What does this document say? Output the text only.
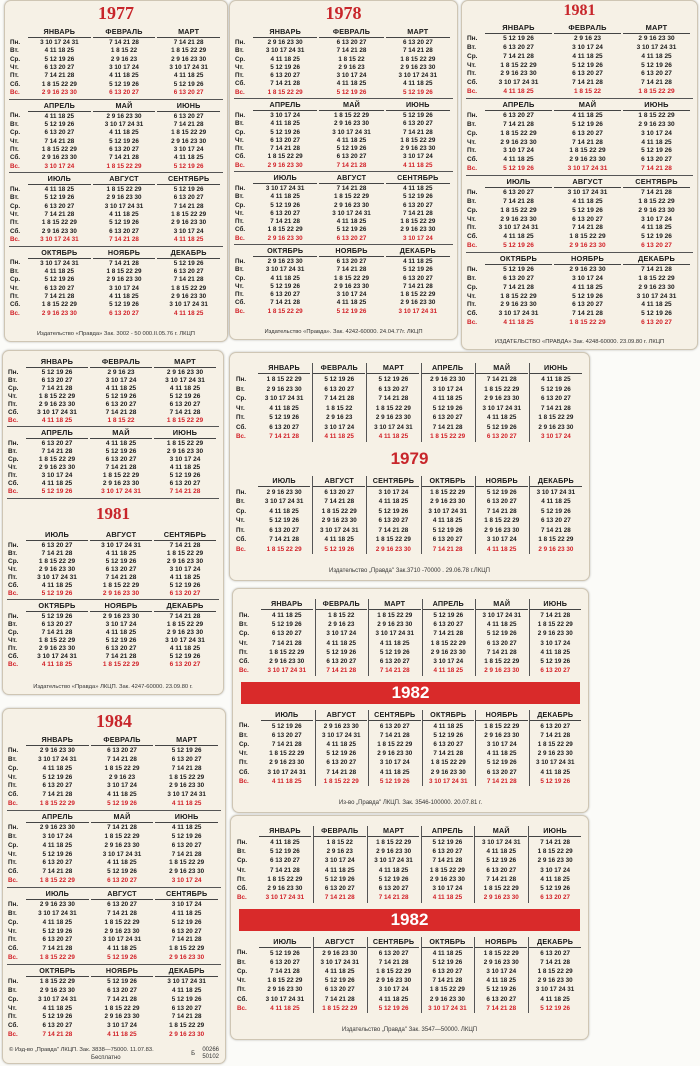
1977
Пн.
Вт.
Ср.
Чт.
Пт.
Сб.
Вс.
ЯНВАРЬ
3 10 17 24 31
4 11 18 25
5 12 19 26
6 13 20 27
7 14 21 28
1 8 15 22 29
2 9 16 23 30
ФЕВРАЛЬ
7 14 21 28
1 8 15 22
2 9 16 23
3 10 17 24
4 11 18 25
5 12 19 26
6 13 20 27
МАРТ
7 14 21 28
1 8 15 22 29
2 9 16 23 30
3 10 17 24 31
4 11 18 25
5 12 19 26
6 13 20 27
Пн.
Вт.
Ср.
Чт.
Пт.
Сб.
Вс.
АПРЕЛЬ
4 11 18 25
5 12 19 26
6 13 20 27
7 14 21 28
1 8 15 22 29
2 9 16 23 30
3 10 17 24
МАЙ
2 9 16 23 30
3 10 17 24 31
4 11 18 25
5 12 19 26
6 13 20 27
7 14 21 28
1 8 15 22 29
ИЮНЬ
6 13 20 27
7 14 21 28
1 8 15 22 29
2 9 16 23 30
3 10 17 24
4 11 18 25
5 12 19 26
Пн.
Вт.
Ср.
Чт.
Пт.
Сб.
Вс.
ИЮЛЬ
4 11 18 25
5 12 19 26
6 13 20 27
7 14 21 28
1 8 15 22 29
2 9 16 23 30
3 10 17 24 31
АВГУСТ
1 8 15 22 29
2 9 16 23 30
3 10 17 24 31
4 11 18 25
5 12 19 26
6 13 20 27
7 14 21 28
СЕНТЯБРЬ
5 12 19 26
6 13 20 27
7 14 21 28
1 8 15 22 29
2 9 16 23 30
3 10 17 24
4 11 18 25
Пн.
Вт.
Ср.
Чт.
Пт.
Сб.
Вс.
ОКТЯБРЬ
3 10 17 24 31
4 11 18 25
5 12 19 26
6 13 20 27
7 14 21 28
1 8 15 22 29
2 9 16 23 30
НОЯБРЬ
7 14 21 28
1 8 15 22 29
2 9 16 23 30
3 10 17 24
4 11 18 25
5 12 19 26
6 13 20 27
ДЕКАБРЬ
5 12 19 26
6 13 20 27
7 14 21 28
1 8 15 22 29
2 9 16 23 30
3 10 17 24 31
4 11 18 25
Издательство «Правда» Зак. 3002 - 50 000.II.05.76 г. ЛКЦП
1978
Пн.
Вт.
Ср.
Чт.
Пт.
Сб.
Вс.
ЯНВАРЬ
2 9 16 23 30
3 10 17 24 31
4 11 18 25
5 12 19 26
6 13 20 27
7 14 21 28
1 8 15 22 29
ФЕВРАЛЬ
6 13 20 27
7 14 21 28
1 8 15 22
2 9 16 23
3 10 17 24
4 11 18 25
5 12 19 26
МАРТ
6 13 20 27
7 14 21 28
1 8 15 22 29
2 9 16 23 30
3 10 17 24 31
4 11 18 25
5 12 19 26
Пн.
Вт.
Ср.
Чт.
Пт.
Сб.
Вс.
АПРЕЛЬ
3 10 17 24
4 11 18 25
5 12 19 26
6 13 20 27
7 14 21 28
1 8 15 22 29
2 9 16 23 30
МАЙ
1 8 15 22 29
2 9 16 23 30
3 10 17 24 31
4 11 18 25
5 12 19 26
6 13 20 27
7 14 21 28
ИЮНЬ
5 12 19 26
6 13 20 27
7 14 21 28
1 8 15 22 29
2 9 16 23 30
3 10 17 24
4 11 18 25
Пн.
Вт.
Ср.
Чт.
Пт.
Сб.
Вс.
ИЮЛЬ
3 10 17 24 31
4 11 18 25
5 12 19 26
6 13 20 27
7 14 21 28
1 8 15 22 29
2 9 16 23 30
АВГУСТ
7 14 21 28
1 8 15 22 29
2 9 16 23 30
3 10 17 24 31
4 11 18 25
5 12 19 26
6 13 20 27
СЕНТЯБРЬ
4 11 18 25
5 12 19 26
6 13 20 27
7 14 21 28
1 8 15 22 29
2 9 16 23 30
3 10 17 24
Пн.
Вт.
Ср.
Чт.
Пт.
Сб.
Вс.
ОКТЯБРЬ
2 9 16 23 30
3 10 17 24 31
4 11 18 25
5 12 19 26
6 13 20 27
7 14 21 28
1 8 15 22 29
НОЯБРЬ
6 13 20 27
7 14 21 28
1 8 15 22 29
2 9 16 23 30
3 10 17 24
4 11 18 25
5 12 19 26
ДЕКАБРЬ
4 11 18 25
5 12 19 26
6 13 20 27
7 14 21 28
1 8 15 22 29
2 9 16 23 30
3 10 17 24 31
Издательство «Правда». Зак. 4242-60000. 24.04.77г. ЛКЦП
1981
Пн.
Вт.
Ср.
Чт.
Пт.
Сб.
Вс.
ЯНВАРЬ
5 12 19 26
6 13 20 27
7 14 21 28
1 8 15 22 29
2 9 16 23 30
3 10 17 24 31
4 11 18 25
ФЕВРАЛЬ
2 9 16 23
3 10 17 24
4 11 18 25
5 12 19 26
6 13 20 27
7 14 21 28
1 8 15 22
МАРТ
2 9 16 23 30
3 10 17 24 31
4 11 18 25
5 12 19 26
6 13 20 27
7 14 21 28
1 8 15 22 29
Пн.
Вт.
Ср.
Чт.
Пт.
Сб.
Вс.
АПРЕЛЬ
6 13 20 27
7 14 21 28
1 8 15 22 29
2 9 16 23 30
3 10 17 24
4 11 18 25
5 12 19 26
МАЙ
4 11 18 25
5 12 19 26
6 13 20 27
7 14 21 28
1 8 15 22 29
2 9 16 23 30
3 10 17 24 31
ИЮНЬ
1 8 15 22 29
2 9 16 23 30
3 10 17 24
4 11 18 25
5 12 19 26
6 13 20 27
7 14 21 28
Пн.
Вт.
Ср.
Чт.
Пт.
Сб.
Вс.
ИЮЛЬ
6 13 20 27
7 14 21 28
1 8 15 22 29
2 9 16 23 30
3 10 17 24 31
4 11 18 25
5 12 19 26
АВГУСТ
3 10 17 24 31
4 11 18 25
5 12 19 26
6 13 20 27
7 14 21 28
1 8 15 22 29
2 9 16 23 30
СЕНТЯБРЬ
7 14 21 28
1 8 15 22 29
2 9 16 23 30
3 10 17 24
4 11 18 25
5 12 19 26
6 13 20 27
Пн.
Вт.
Ср.
Чт.
Пт.
Сб.
Вс.
ОКТЯБРЬ
5 12 19 26
6 13 20 27
7 14 21 28
1 8 15 22 29
2 9 16 23 30
3 10 17 24 31
4 11 18 25
НОЯБРЬ
2 9 16 23 30
3 10 17 24
4 11 18 25
5 12 19 26
6 13 20 27
7 14 21 28
1 8 15 22 29
ДЕКАБРЬ
7 14 21 28
1 8 15 22 29
2 9 16 23 30
3 10 17 24 31
4 11 18 25
5 12 19 26
6 13 20 27
ИЗДАТЕЛЬСТВО «ПРАВДА» Зак. 4248-60000. 23.09.80 г. ЛКЦП
Пн.
Вт.
Ср.
Чт.
Пт.
Сб.
Вс.
ЯНВАРЬ
5 12 19 26
6 13 20 27
7 14 21 28
1 8 15 22 29
2 9 16 23 30
3 10 17 24 31
4 11 18 25
ФЕВРАЛЬ
2 9 16 23
3 10 17 24
4 11 18 25
5 12 19 26
6 13 20 27
7 14 21 28
1 8 15 22
МАРТ
2 9 16 23 30
3 10 17 24 31
4 11 18 25
5 12 19 26
6 13 20 27
7 14 21 28
1 8 15 22 29
Пн.
Вт.
Ср.
Чт.
Пт.
Сб.
Вс.
АПРЕЛЬ
6 13 20 27
7 14 21 28
1 8 15 22 29
2 9 16 23 30
3 10 17 24
4 11 18 25
5 12 19 26
МАЙ
4 11 18 25
5 12 19 26
6 13 20 27
7 14 21 28
1 8 15 22 29
2 9 16 23 30
3 10 17 24 31
ИЮНЬ
1 8 15 22 29
2 9 16 23 30
3 10 17 24
4 11 18 25
5 12 19 26
6 13 20 27
7 14 21 28
Пн.
Вт.
Ср.
Чт.
Пт.
Сб.
Вс.
ИЮЛЬ
6 13 20 27
7 14 21 28
1 8 15 22 29
2 9 16 23 30
3 10 17 24 31
4 11 18 25
5 12 19 26
АВГУСТ
3 10 17 24 31
4 11 18 25
5 12 19 26
6 13 20 27
7 14 21 28
1 8 15 22 29
2 9 16 23 30
СЕНТЯБРЬ
7 14 21 28
1 8 15 22 29
2 9 16 23 30
3 10 17 24
4 11 18 25
5 12 19 26
6 13 20 27
Пн.
Вт.
Ср.
Чт.
Пт.
Сб.
Вс.
ОКТЯБРЬ
5 12 19 26
6 13 20 27
7 14 21 28
1 8 15 22 29
2 9 16 23 30
3 10 17 24 31
4 11 18 25
НОЯБРЬ
2 9 16 23 30
3 10 17 24
4 11 18 25
5 12 19 26
6 13 20 27
7 14 21 28
1 8 15 22 29
ДЕКАБРЬ
7 14 21 28
1 8 15 22 29
2 9 16 23 30
3 10 17 24 31
4 11 18 25
5 12 19 26
6 13 20 27
1981
Издательство «Правда» ЛКЦП. Зак. 4247-60000. 23.09.80 г.
Пн.
Вт.
Ср.
Чт.
Пт.
Сб.
Вс.
ЯНВАРЬ
1 8 15 22 29
2 9 16 23 30
3 10 17 24 31
4 11 18 25
5 12 19 26
6 13 20 27
7 14 21 28
ФЕВРАЛЬ
5 12 19 26
6 13 20 27
7 14 21 28
1 8 15 22
2 9 16 23
3 10 17 24
4 11 18 25
МАРТ
5 12 19 26
6 13 20 27
7 14 21 28
1 8 15 22 29
2 9 16 23 30
3 10 17 24 31
4 11 18 25
АПРЕЛЬ
2 9 16 23 30
3 10 17 24
4 11 18 25
5 12 19 26
6 13 20 27
7 14 21 28
1 8 15 22 29
МАЙ
7 14 21 28
1 8 15 22 29
2 9 16 23 30
3 10 17 24 31
4 11 18 25
5 12 19 26
6 13 20 27
ИЮНЬ
4 11 18 25
5 12 19 26
6 13 20 27
7 14 21 28
1 8 15 22 29
2 9 16 23 30
3 10 17 24
Пн.
Вт.
Ср.
Чт.
Пт.
Сб.
Вс.
ИЮЛЬ
2 9 16 23 30
3 10 17 24 31
4 11 18 25
5 12 19 26
6 13 20 27
7 14 21 28
1 8 15 22 29
АВГУСТ
6 13 20 27
7 14 21 28
1 8 15 22 29
2 9 16 23 30
3 10 17 24 31
4 11 18 25
5 12 19 26
СЕНТЯБРЬ
3 10 17 24
4 11 18 25
5 12 19 26
6 13 20 27
7 14 21 28
1 8 15 22 29
2 9 16 23 30
ОКТЯБРЬ
1 8 15 22 29
2 9 16 23 30
3 10 17 24 31
4 11 18 25
5 12 19 26
6 13 20 27
7 14 21 28
НОЯБРЬ
5 12 19 26
6 13 20 27
7 14 21 28
1 8 15 22 29
2 9 16 23 30
3 10 17 24
4 11 18 25
ДЕКАБРЬ
3 10 17 24 31
4 11 18 25
5 12 19 26
6 13 20 27
7 14 21 28
1 8 15 22 29
2 9 16 23 30
1979
Издательство „Правда" Зак.3710 -70000 . 29.06.78 г.ЛКЦП
Пн.
Вт.
Ср.
Чт.
Пт.
Сб.
Вс.
ЯНВАРЬ
4 11 18 25
5 12 19 26
6 13 20 27
7 14 21 28
1 8 15 22 29
2 9 16 23 30
3 10 17 24 31
ФЕВРАЛЬ
1 8 15 22
2 9 16 23
3 10 17 24
4 11 18 25
5 12 19 26
6 13 20 27
7 14 21 28
МАРТ
1 8 15 22 29
2 9 16 23 30
3 10 17 24 31
4 11 18 25
5 12 19 26
6 13 20 27
7 14 21 28
АПРЕЛЬ
5 12 19 26
6 13 20 27
7 14 21 28
1 8 15 22 29
2 9 16 23 30
3 10 17 24
4 11 18 25
МАЙ
3 10 17 24 31
4 11 18 25
5 12 19 26
6 13 20 27
7 14 21 28
1 8 15 22 29
2 9 16 23 30
ИЮНЬ
7 14 21 28
1 8 15 22 29
2 9 16 23 30
3 10 17 24
4 11 18 25
5 12 19 26
6 13 20 27
Пн.
Вт.
Ср.
Чт.
Пт.
Сб.
Вс.
ИЮЛЬ
5 12 19 26
6 13 20 27
7 14 21 28
1 8 15 22 29
2 9 16 23 30
3 10 17 24 31
4 11 18 25
АВГУСТ
2 9 16 23 30
3 10 17 24 31
4 11 18 25
5 12 19 26
6 13 20 27
7 14 21 28
1 8 15 22 29
СЕНТЯБРЬ
6 13 20 27
7 14 21 28
1 8 15 22 29
2 9 16 23 30
3 10 17 24
4 11 18 25
5 12 19 26
ОКТЯБРЬ
4 11 18 25
5 12 19 26
6 13 20 27
7 14 21 28
1 8 15 22 29
2 9 16 23 30
3 10 17 24 31
НОЯБРЬ
1 8 15 22 29
2 9 16 23 30
3 10 17 24
4 11 18 25
5 12 19 26
6 13 20 27
7 14 21 28
ДЕКАБРЬ
6 13 20 27
7 14 21 28
1 8 15 22 29
2 9 16 23 30
3 10 17 24 31
4 11 18 25
5 12 19 26
1982
Из-во „Правда" ЛКЦП. Зак. 3546-100000. 20.07.81 г.
1984
Пн.
Вт.
Ср.
Чт.
Пт.
Сб.
Вс.
ЯНВАРЬ
2 9 16 23 30
3 10 17 24 31
4 11 18 25
5 12 19 26
6 13 20 27
7 14 21 28
1 8 15 22 29
ФЕВРАЛЬ
6 13 20 27
7 14 21 28
1 8 15 22 29
2 9 16 23
3 10 17 24
4 11 18 25
5 12 19 26
МАРТ
5 12 19 26
6 13 20 27
7 14 21 28
1 8 15 22 29
2 9 16 23 30
3 10 17 24 31
4 11 18 25
Пн.
Вт.
Ср.
Чт.
Пт.
Сб.
Вс.
АПРЕЛЬ
2 9 16 23 30
3 10 17 24
4 11 18 25
5 12 19 26
6 13 20 27
7 14 21 28
1 8 15 22 29
МАЙ
7 14 21 28
1 8 15 22 29
2 9 16 23 30
3 10 17 24 31
4 11 18 25
5 12 19 26
6 13 20 27
ИЮНЬ
4 11 18 25
5 12 19 26
6 13 20 27
7 14 21 28
1 8 15 22 29
2 9 16 23 30
3 10 17 24
Пн.
Вт.
Ср.
Чт.
Пт.
Сб.
Вс.
ИЮЛЬ
2 9 16 23 30
3 10 17 24 31
4 11 18 25
5 12 19 26
6 13 20 27
7 14 21 28
1 8 15 22 29
АВГУСТ
6 13 20 27
7 14 21 28
1 8 15 22 29
2 9 16 23 30
3 10 17 24 31
4 11 18 25
5 12 19 26
СЕНТЯБРЬ
3 10 17 24
4 11 18 25
5 12 19 26
6 13 20 27
7 14 21 28
1 8 15 22 29
2 9 16 23 30
Пн.
Вт.
Ср.
Чт.
Пт.
Сб.
Вс.
ОКТЯБРЬ
1 8 15 22 29
2 9 16 23 30
3 10 17 24 31
4 11 18 25
5 12 19 26
6 13 20 27
7 14 21 28
НОЯБРЬ
5 12 19 26
6 13 20 27
7 14 21 28
1 8 15 22 29
2 9 16 23 30
3 10 17 24
4 11 18 25
ДЕКАБРЬ
3 10 17 24 31
4 11 18 25
5 12 19 26
6 13 20 27
7 14 21 28
1 8 15 22 29
2 9 16 23 30
© Изд-во „Правда" ЛКЦП. Зак. 3838—75000. 11.07.83.
Бесплатно
00266
50102
Б
Пн.
Вт.
Ср.
Чт.
Пт.
Сб.
Вс.
ЯНВАРЬ
4 11 18 25
5 12 19 26
6 13 20 27
7 14 21 28
1 8 15 22 29
2 9 16 23 30
3 10 17 24 31
ФЕВРАЛЬ
1 8 15 22
2 9 16 23
3 10 17 24
4 11 18 25
5 12 19 26
6 13 20 27
7 14 21 28
МАРТ
1 8 15 22 29
2 9 16 23 30
3 10 17 24 31
4 11 18 25
5 12 19 26
6 13 20 27
7 14 21 28
АПРЕЛЬ
5 12 19 26
6 13 20 27
7 14 21 28
1 8 15 22 29
2 9 16 23 30
3 10 17 24
4 11 18 25
МАЙ
3 10 17 24 31
4 11 18 25
5 12 19 26
6 13 20 27
7 14 21 28
1 8 15 22 29
2 9 16 23 30
ИЮНЬ
7 14 21 28
1 8 15 22 29
2 9 16 23 30
3 10 17 24
4 11 18 25
5 12 19 26
6 13 20 27
Пн.
Вт.
Ср.
Чт.
Пт.
Сб.
Вс.
ИЮЛЬ
5 12 19 26
6 13 20 27
7 14 21 28
1 8 15 22 29
2 9 16 23 30
3 10 17 24 31
4 11 18 25
АВГУСТ
2 9 16 23 30
3 10 17 24 31
4 11 18 25
5 12 19 26
6 13 20 27
7 14 21 28
1 8 15 22 29
СЕНТЯБРЬ
6 13 20 27
7 14 21 28
1 8 15 22 29
2 9 16 23 30
3 10 17 24
4 11 18 25
5 12 19 26
ОКТЯБРЬ
4 11 18 25
5 12 19 26
6 13 20 27
7 14 21 28
1 8 15 22 29
2 9 16 23 30
3 10 17 24 31
НОЯБРЬ
1 8 15 22 29
2 9 16 23 30
3 10 17 24
4 11 18 25
5 12 19 26
6 13 20 27
7 14 21 28
ДЕКАБРЬ
6 13 20 27
7 14 21 28
1 8 15 22 29
2 9 16 23 30
3 10 17 24 31
4 11 18 25
5 12 19 26
1982
Издательство „Правда" Зак. 3547—50000. ЛКЦП
